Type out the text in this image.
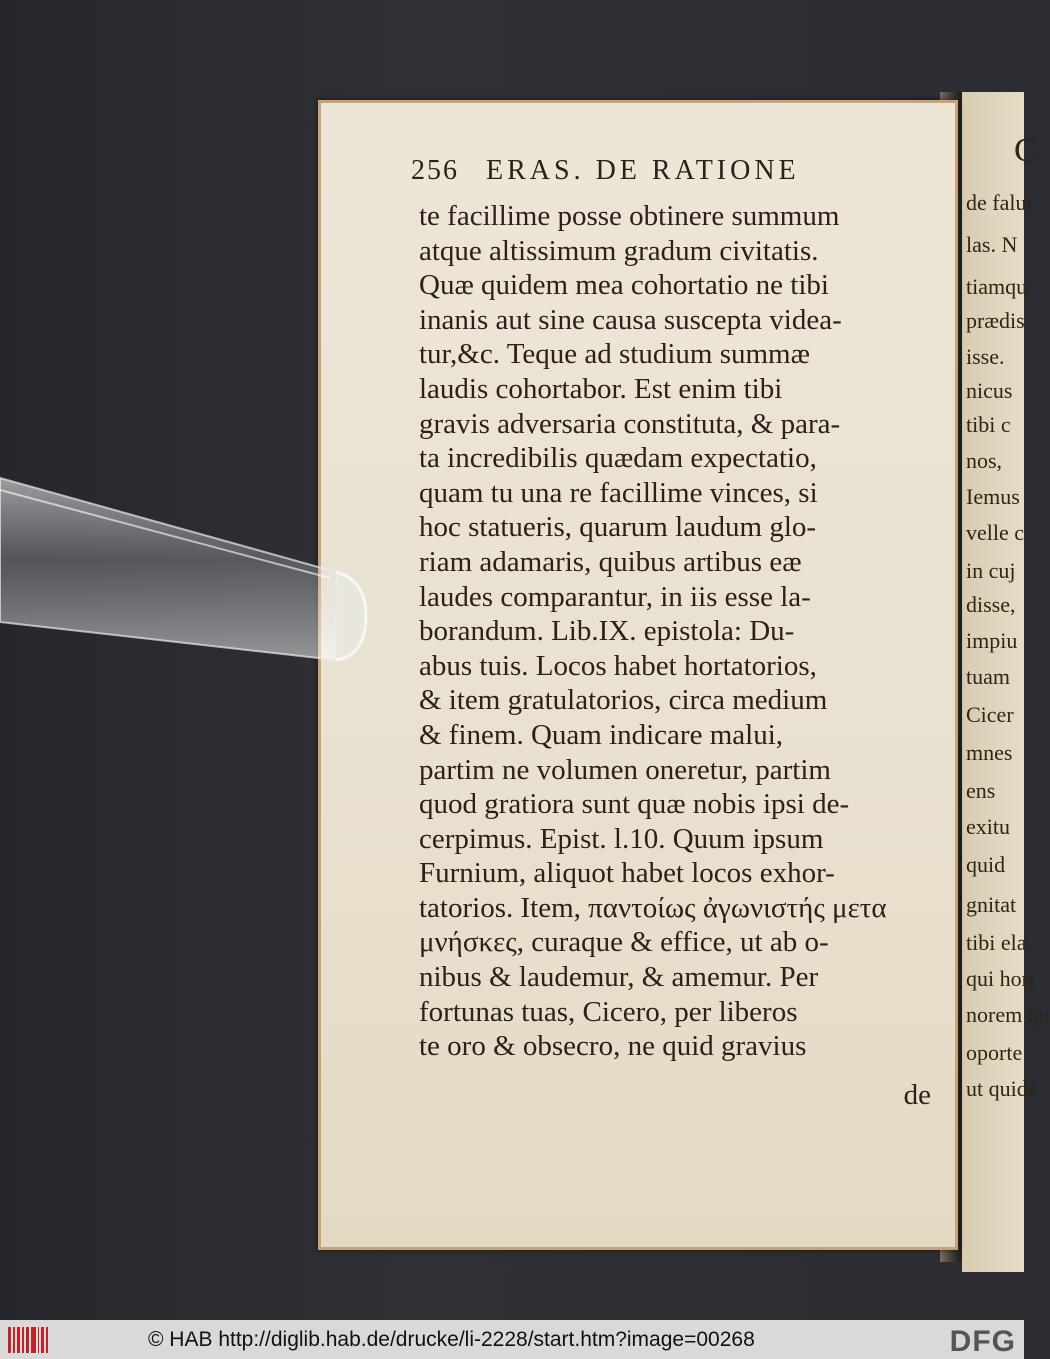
C
de falut
las. N
tiamqu
prædis
isse.
nicus
tibi c
nos,
Iemus
velle c
in cuj
disse,
impiu
tuam
Cicer
mnes
ens
exitu
quid
gnitat
tibi ela
qui hort
norem qu
oporte
ut quide
256 ERAS. DE RATIONE
te facillime posse obtinere summum
atque altissimum gradum civitatis.
Quæ quidem mea cohortatio ne tibi
inanis aut sine causa suscepta videa-
tur,&c. Teque ad studium summæ
laudis cohortabor. Est enim tibi
gravis adversaria constituta, & para-
ta incredibilis quædam expectatio,
quam tu una re facillime vinces, si
hoc statueris, quarum laudum glo-
riam adamaris, quibus artibus eæ
laudes comparantur, in iis esse la-
borandum. Lib.IX. epistola: Du-
abus tuis. Locos habet hortatorios,
& item gratulatorios, circa medium
& finem. Quam indicare malui,
partim ne volumen oneretur, partim
quod gratiora sunt quæ nobis ipsi de-
cerpimus. Epist. l.10. Quum ipsum
Furnium, aliquot habet locos exhor-
tatorios. Item, παντοίως ἀγωνιστής μετα
μνήσκες, curaque & effice, ut ab o-
nibus & laudemur, & amemur. Per
fortunas tuas, Cicero, per liberos
te oro & obsecro, ne quid gravius
de
© HAB http://diglib.hab.de/drucke/li-2228/start.htm?image=00268	DFG
